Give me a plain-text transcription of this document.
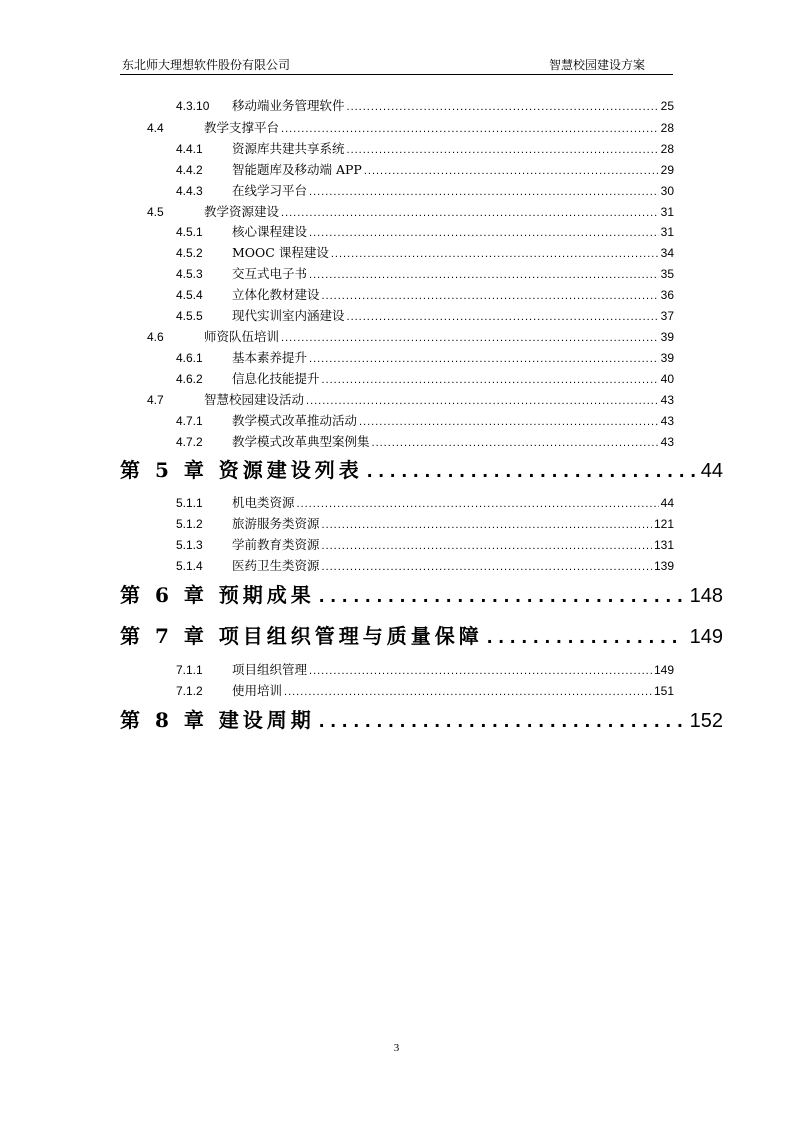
东北师大理想软件股份有限公司	智慧校园建设方案
4.3.10	移动端业务管理软件 .....	25
4.4	教学支撑平台 .....	28
4.4.1	资源库共建共享系统 .....	28
4.4.2	智能题库及移动端 APP .....	29
4.4.3	在线学习平台 .....	30
4.5	教学资源建设 .....	31
4.5.1	核心课程建设 .....	31
4.5.2	MOOC 课程建设 .....	34
4.5.3	交互式电子书 .....	35
4.5.4	立体化教材建设 .....	36
4.5.5	现代实训室内涵建设 .....	37
4.6	师资队伍培训 .....	39
4.6.1	基本素养提升 .....	39
4.6.2	信息化技能提升 .....	40
4.7	智慧校园建设活动 .....	43
4.7.1	教学模式改革推动活动 .....	43
4.7.2	教学模式改革典型案例集 .....	43
第 5 章 资源建设列表 .....	44
5.1.1	机电类资源 .....	44
5.1.2	旅游服务类资源 .....	121
5.1.3	学前教育类资源 .....	131
5.1.4	医药卫生类资源 .....	139
第 6 章 预期成果 .....	148
第 7 章 项目组织管理与质量保障 .....	149
7.1.1	项目组织管理 .....	149
7.1.2	使用培训 .....	151
第 8 章 建设周期 .....	152
3
